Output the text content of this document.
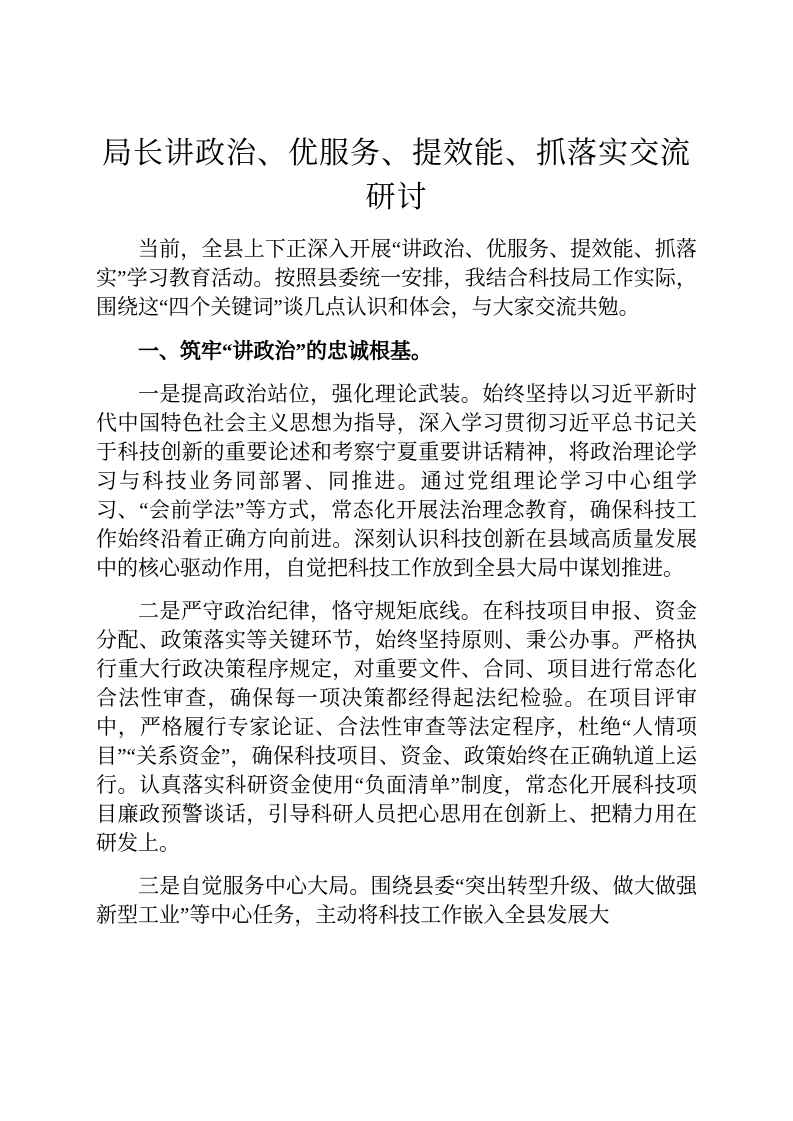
局长讲政治、优服务、提效能、抓落实交流研讨

当前，全县上下正深入开展“讲政治、优服务、提效能、抓落实”学习教育活动。按照县委统一安排，我结合科技局工作实际，围绕这“四个关键词”谈几点认识和体会，与大家交流共勉。

一、筑牢“讲政治”的忠诚根基。

一是提高政治站位，强化理论武装。始终坚持以习近平新时代中国特色社会主义思想为指导，深入学习贯彻习近平总书记关于科技创新的重要论述和考察宁夏重要讲话精神，将政治理论学习与科技业务同部署、同推进。通过党组理论学习中心组学习、“会前学法”等方式，常态化开展法治理念教育，确保科技工作始终沿着正确方向前进。深刻认识科技创新在县域高质量发展中的核心驱动作用，自觉把科技工作放到全县大局中谋划推进。

二是严守政治纪律，恪守规矩底线。在科技项目申报、资金分配、政策落实等关键环节，始终坚持原则、秉公办事。严格执行重大行政决策程序规定，对重要文件、合同、项目进行常态化合法性审查，确保每一项决策都经得起法纪检验。在项目评审中，严格履行专家论证、合法性审查等法定程序，杜绝“人情项目”“关系资金”，确保科技项目、资金、政策始终在正确轨道上运行。认真落实科研资金使用“负面清单”制度，常态化开展科技项目廉政预警谈话，引导科研人员把心思用在创新上、把精力用在研发上。

三是自觉服务中心大局。围绕县委“突出转型升级、做大做强新型工业”等中心任务，主动将科技工作嵌入全县发展大
